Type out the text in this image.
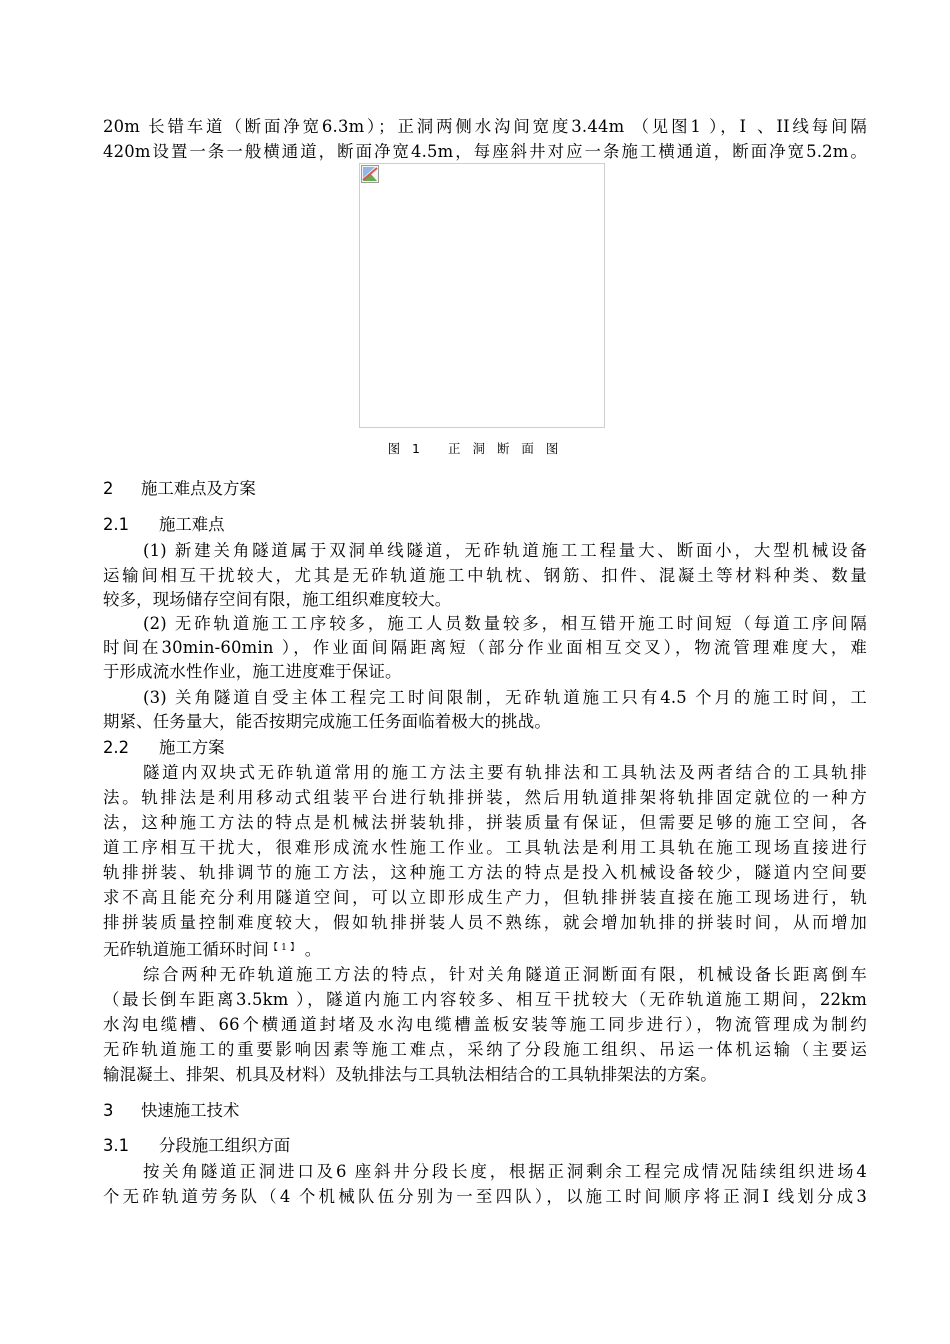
20m 长错车道（断面净宽6.3m）；正洞两侧水沟间宽度3.44m （见图1 ），Ⅰ 、II线每间隔
420m设置一条一般横通道，断面净宽4.5m，每座斜井对应一条施工横通道，断面净宽5.2m。
图 1 正 洞 断 面 图
2 施工难点及方案
2.1 施工难点
(1) 新建关角隧道属于双洞单线隧道，无砟轨道施工工程量大、断面小，大型机械设备
运输间相互干扰较大，尤其是无砟轨道施工中轨枕、钢筋、扣件、混凝土等材料种类、数量
较多，现场储存空间有限，施工组织难度较大。
(2) 无砟轨道施工工序较多，施工人员数量较多，相互错开施工时间短（每道工序间隔
时间在30min-60min ），作业面间隔距离短（部分作业面相互交叉），物流管理难度大，难
于形成流水性作业，施工进度难于保证。
(3) 关角隧道自受主体工程完工时间限制，无砟轨道施工只有4.5 个月的施工时间，工
期紧、任务量大，能否按期完成施工任务面临着极大的挑战。
2.2 施工方案
隧道内双块式无砟轨道常用的施工方法主要有轨排法和工具轨法及两者结合的工具轨排
法。轨排法是利用移动式组装平台进行轨排拼装，然后用轨道排架将轨排固定就位的一种方
法，这种施工方法的特点是机械法拼装轨排，拼装质量有保证，但需要足够的施工空间，各
道工序相互干扰大，很难形成流水性施工作业。工具轨法是利用工具轨在施工现场直接进行
轨排拼装、轨排调节的施工方法，这种施工方法的特点是投入机械设备较少，隧道内空间要
求不高且能充分利用隧道空间，可以立即形成生产力，但轨排拼装直接在施工现场进行，轨
排拼装质量控制难度较大，假如轨排拼装人员不熟练，就会增加轨排的拼装时间，从而增加
无砟轨道施工循环时间$^{【 1 】}$ 。
综合两种无砟轨道施工方法的特点，针对关角隧道正洞断面有限，机械设备长距离倒车
（最长倒车距离3.5km ），隧道内施工内容较多、相互干扰较大（无砟轨道施工期间，22km
水沟电缆槽、66个横通道封堵及水沟电缆槽盖板安装等施工同步进行），物流管理成为制约
无砟轨道施工的重要影响因素等施工难点，采纳了分段施工组织、吊运一体机运输（主要运
输混凝土、排架、机具及材料）及轨排法与工具轨法相结合的工具轨排架法的方案。
3 快速施工技术
3.1 分段施工组织方面
按关角隧道正洞进口及6 座斜井分段长度，根据正洞剩余工程完成情况陆续组织进场4
个无砟轨道劳务队（4 个机械队伍分别为一至四队），以施工时间顺序将正洞I 线划分成3
